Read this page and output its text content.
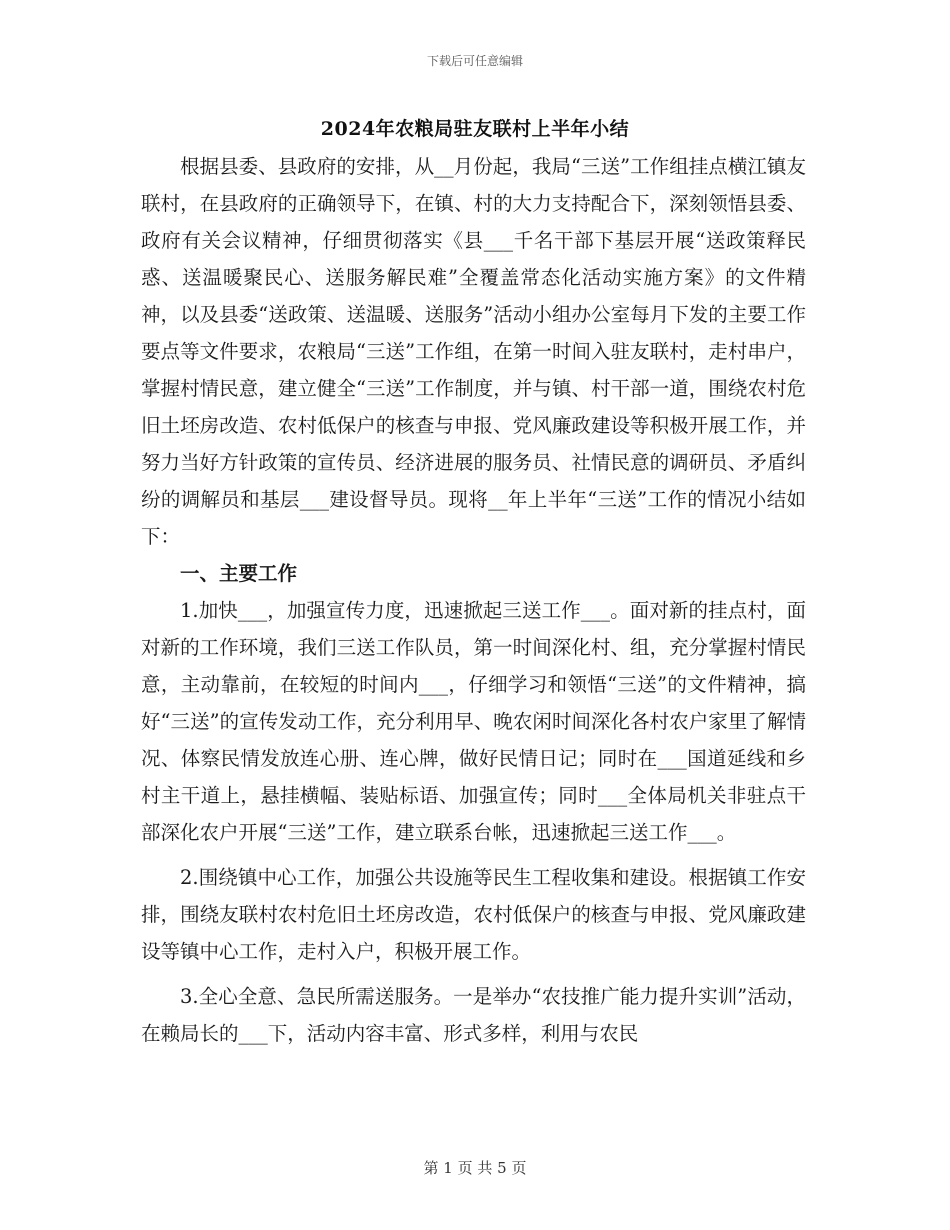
下载后可任意编辑
2024年农粮局驻友联村上半年小结

根据县委、县政府的安排，从__月份起，我局“三送”工作组挂点横江镇友联村，在县政府的正确领导下，在镇、村的大力支持配合下，深刻领悟县委、政府有关会议精神，仔细贯彻落实《县___千名干部下基层开展“送政策释民惑、送温暖聚民心、送服务解民难”全覆盖常态化活动实施方案》的文件精神，以及县委“送政策、送温暖、送服务”活动小组办公室每月下发的主要工作要点等文件要求，农粮局“三送”工作组，在第一时间入驻友联村，走村串户，掌握村情民意，建立健全“三送”工作制度，并与镇、村干部一道，围绕农村危旧土坯房改造、农村低保户的核查与申报、党风廉政建设等积极开展工作，并努力当好方针政策的宣传员、经济进展的服务员、社情民意的调研员、矛盾纠纷的调解员和基层___建设督导员。现将__年上半年“三送”工作的情况小结如下：

一、主要工作

1.加快___，加强宣传力度，迅速掀起三送工作___。面对新的挂点村，面对新的工作环境，我们三送工作队员，第一时间深化村、组，充分掌握村情民意，主动靠前，在较短的时间内___，仔细学习和领悟“三送”的文件精神，搞好“三送”的宣传发动工作，充分利用早、晚农闲时间深化各村农户家里了解情况、体察民情发放连心册、连心牌，做好民情日记；同时在___国道延线和乡村主干道上，悬挂横幅、装贴标语、加强宣传；同时___全体局机关非驻点干部深化农户开展“三送”工作，建立联系台帐，迅速掀起三送工作___。

2.围绕镇中心工作，加强公共设施等民生工程收集和建设。根据镇工作安排，围绕友联村农村危旧土坯房改造，农村低保户的核查与申报、党风廉政建设等镇中心工作，走村入户，积极开展工作。

3.全心全意、急民所需送服务。一是举办“农技推广能力提升实训”活动，在赖局长的___下，活动内容丰富、形式多样，利用与农民

第 1 页 共 5 页
